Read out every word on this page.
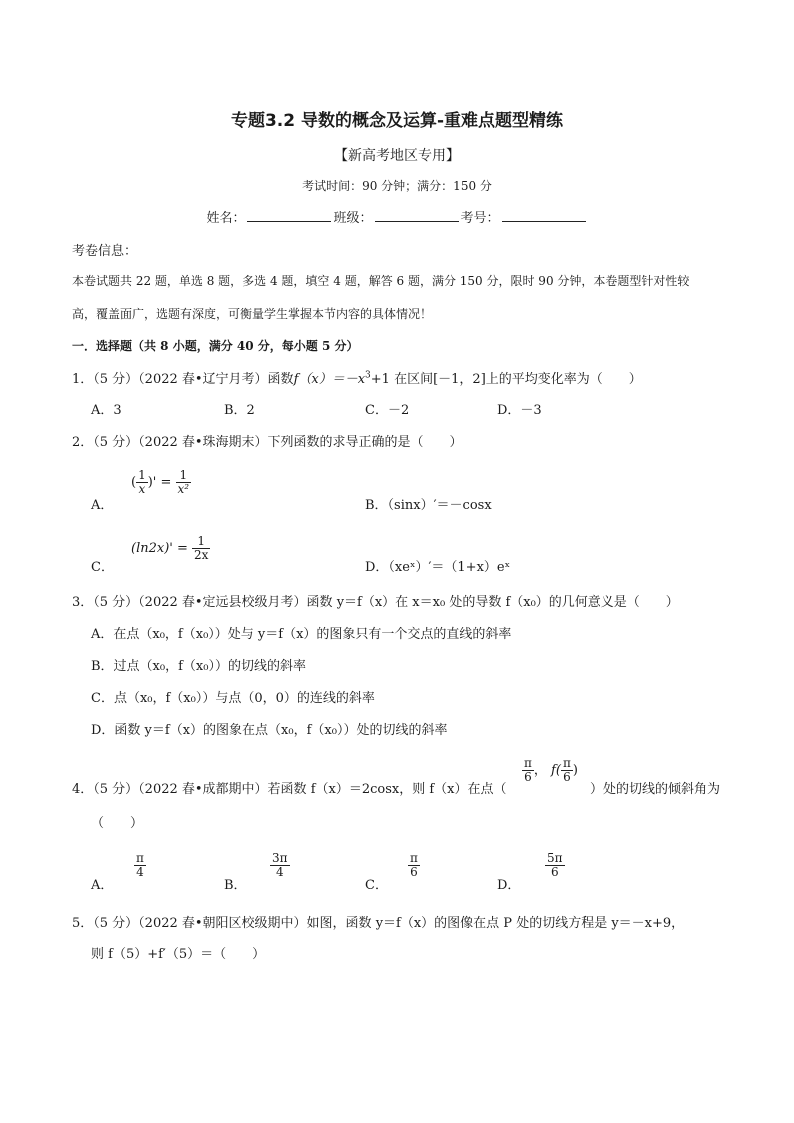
专题3.2 导数的概念及运算-重难点题型精练
【新高考地区专用】
考试时间：90 分钟；满分：150 分
姓名：	班级：	考号：
考卷信息：
本卷试题共 22 题，单选 8 题，多选 4 题，填空 4 题，解答 6 题，满分 150 分，限时 90 分钟，本卷题型针对性较
高，覆盖面广，选题有深度，可衡量学生掌握本节内容的具体情况！
一．选择题（共 8 小题，满分 40 分，每小题 5 分）
1．（5 分）（2022 春•辽宁月考）函数$f(x)=-x^3+1$ 在区间[－1，2]上的平均变化率为（　　）
A．3	B．2	C．－2	D．－3
2．（5 分）（2022 春•珠海期末）下列函数的求导正确的是（　　）
A．
( $\frac{1}{x}$ )' = $\frac{1}{\text{x²}}$
B．（sinx）′＝－cosx
C．
$(\ln 2x)' = \frac{1}{2x}$
D．（xeˣ）′＝（1+x）eˣ
3．（5 分）（2022 春•定远县校级月考）函数 y＝f（x）在 x＝x₀ 处的导数 f（x₀）的几何意义是（　　）
A．在点（x₀，f（x₀））处与 y＝f（x）的图象只有一个交点的直线的斜率
B．过点（x₀，f（x₀））的切线的斜率
C．点（x₀，f（x₀））与点（0，0）的连线的斜率
D．函数 y＝f（x）的图象在点（x₀，f（x₀））处的切线的斜率
4．（5 分）（2022 春•成都期中）若函数 f（x）＝2cosx，则 f（x）在点（
$\frac{\pi}{6}$ ， $f( \frac{\pi}{6}$ )
）处的切线的倾斜角为
（　　）
A．
$\frac{\pi}{4}$
B．
$\frac{3\pi}{4}$
C．
$\frac{\pi}{6}$
D．
$\frac{5\pi}{6}$
5．（5 分）（2022 春•朝阳区校级期中）如图，函数 y＝f（x）的图像在点 P 处的切线方程是 y＝－x+9，
则 f（5）+f′（5）＝（　　）
